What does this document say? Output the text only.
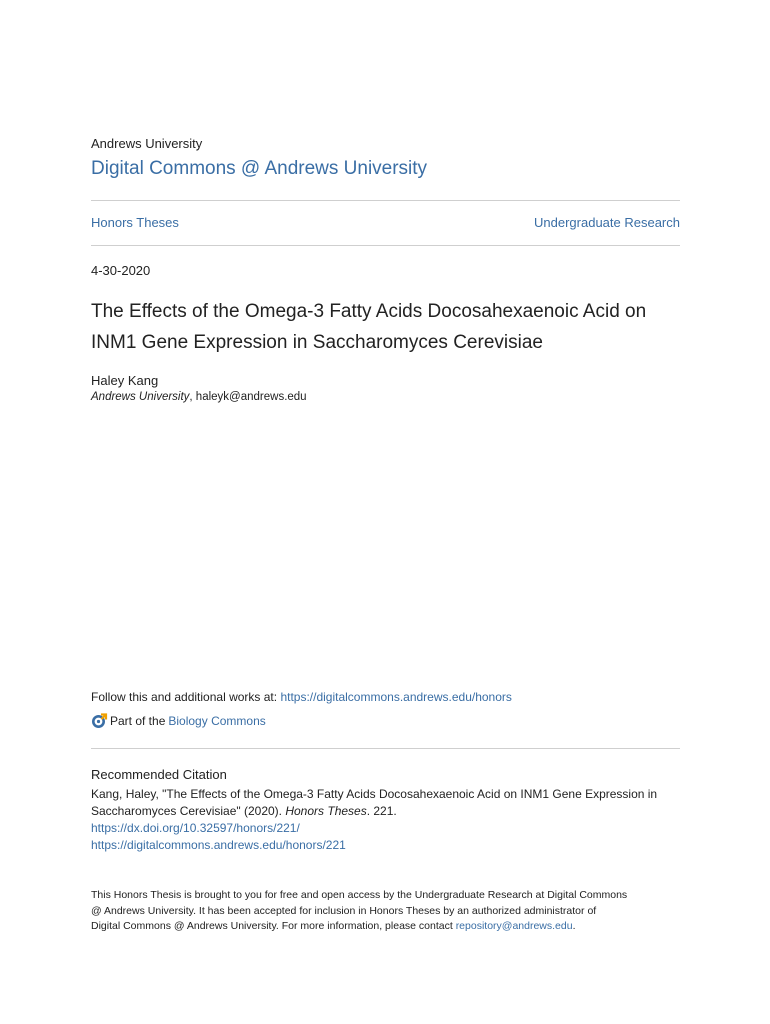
Andrews University
Digital Commons @ Andrews University
Honors Theses	Undergraduate Research
4-30-2020
The Effects of the Omega-3 Fatty Acids Docosahexaenoic Acid on
INM1 Gene Expression in Saccharomyces Cerevisiae
Haley Kang
Andrews University, haleyk@andrews.edu
Follow this and additional works at: https://digitalcommons.andrews.edu/honors
Part of the Biology Commons
Recommended Citation
Kang, Haley, "The Effects of the Omega-3 Fatty Acids Docosahexaenoic Acid on INM1 Gene Expression in
Saccharomyces Cerevisiae" (2020). Honors Theses. 221.
https://dx.doi.org/10.32597/honors/221/
https://digitalcommons.andrews.edu/honors/221
This Honors Thesis is brought to you for free and open access by the Undergraduate Research at Digital Commons
@ Andrews University. It has been accepted for inclusion in Honors Theses by an authorized administrator of
Digital Commons @ Andrews University. For more information, please contact repository@andrews.edu.
